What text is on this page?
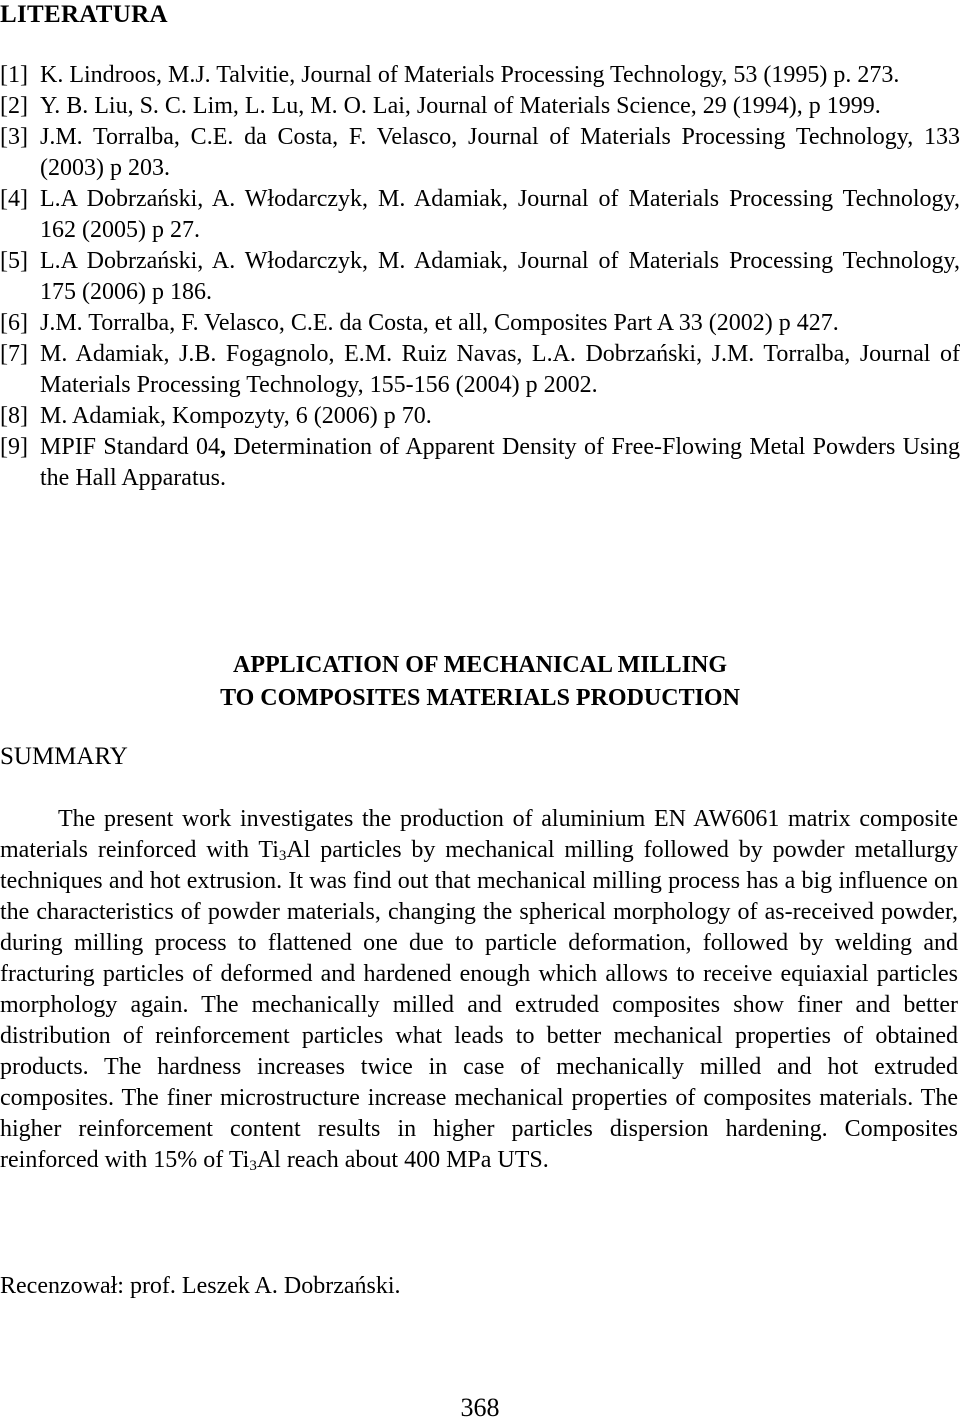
LITERATURA
[1] K. Lindroos, M.J. Talvitie, Journal of Materials Processing Technology, 53 (1995) p. 273.
[2] Y. B. Liu, S. C. Lim, L. Lu, M. O. Lai, Journal of Materials Science, 29 (1994), p 1999.
[3] J.M. Torralba, C.E. da Costa, F. Velasco, Journal of Materials Processing Technology, 133 (2003) p 203.
[4] L.A Dobrzański, A. Włodarczyk, M. Adamiak, Journal of Materials Processing Technology, 162 (2005) p 27.
[5] L.A Dobrzański, A. Włodarczyk, M. Adamiak, Journal of Materials Processing Technology, 175 (2006) p 186.
[6] J.M. Torralba, F. Velasco, C.E. da Costa, et all, Composites Part A 33 (2002) p 427.
[7] M. Adamiak, J.B. Fogagnolo, E.M. Ruiz Navas, L.A. Dobrzański, J.M. Torralba, Journal of Materials Processing Technology, 155-156 (2004) p 2002.
[8] M. Adamiak, Kompozyty, 6 (2006) p 70.
[9] MPIF Standard 04, Determination of Apparent Density of Free-Flowing Metal Powders Using the Hall Apparatus.
APPLICATION OF MECHANICAL MILLING
TO COMPOSITES MATERIALS PRODUCTION
SUMMARY
The present work investigates the production of aluminium EN AW6061 matrix composite materials reinforced with $Ti_3Al$ particles by mechanical milling followed by powder metallurgy techniques and hot extrusion. It was find out that mechanical milling process has a big influence on the characteristics of powder materials, changing the spherical morphology of as-received powder, during milling process to flattened one due to particle deformation, followed by welding and fracturing particles of deformed and hardened enough which allows to receive equiaxial particles morphology again. The mechanically milled and extruded composites show finer and better distribution of reinforcement particles what leads to better mechanical properties of obtained products. The hardness increases twice in case of mechanically milled and hot extruded composites. The finer microstructure increase mechanical properties of composites materials. The higher reinforcement content results in higher particles dispersion hardening. Composites reinforced with 15% of $Ti_3Al$ reach about 400 MPa UTS.
Recenzował: prof. Leszek A. Dobrzański.
368
